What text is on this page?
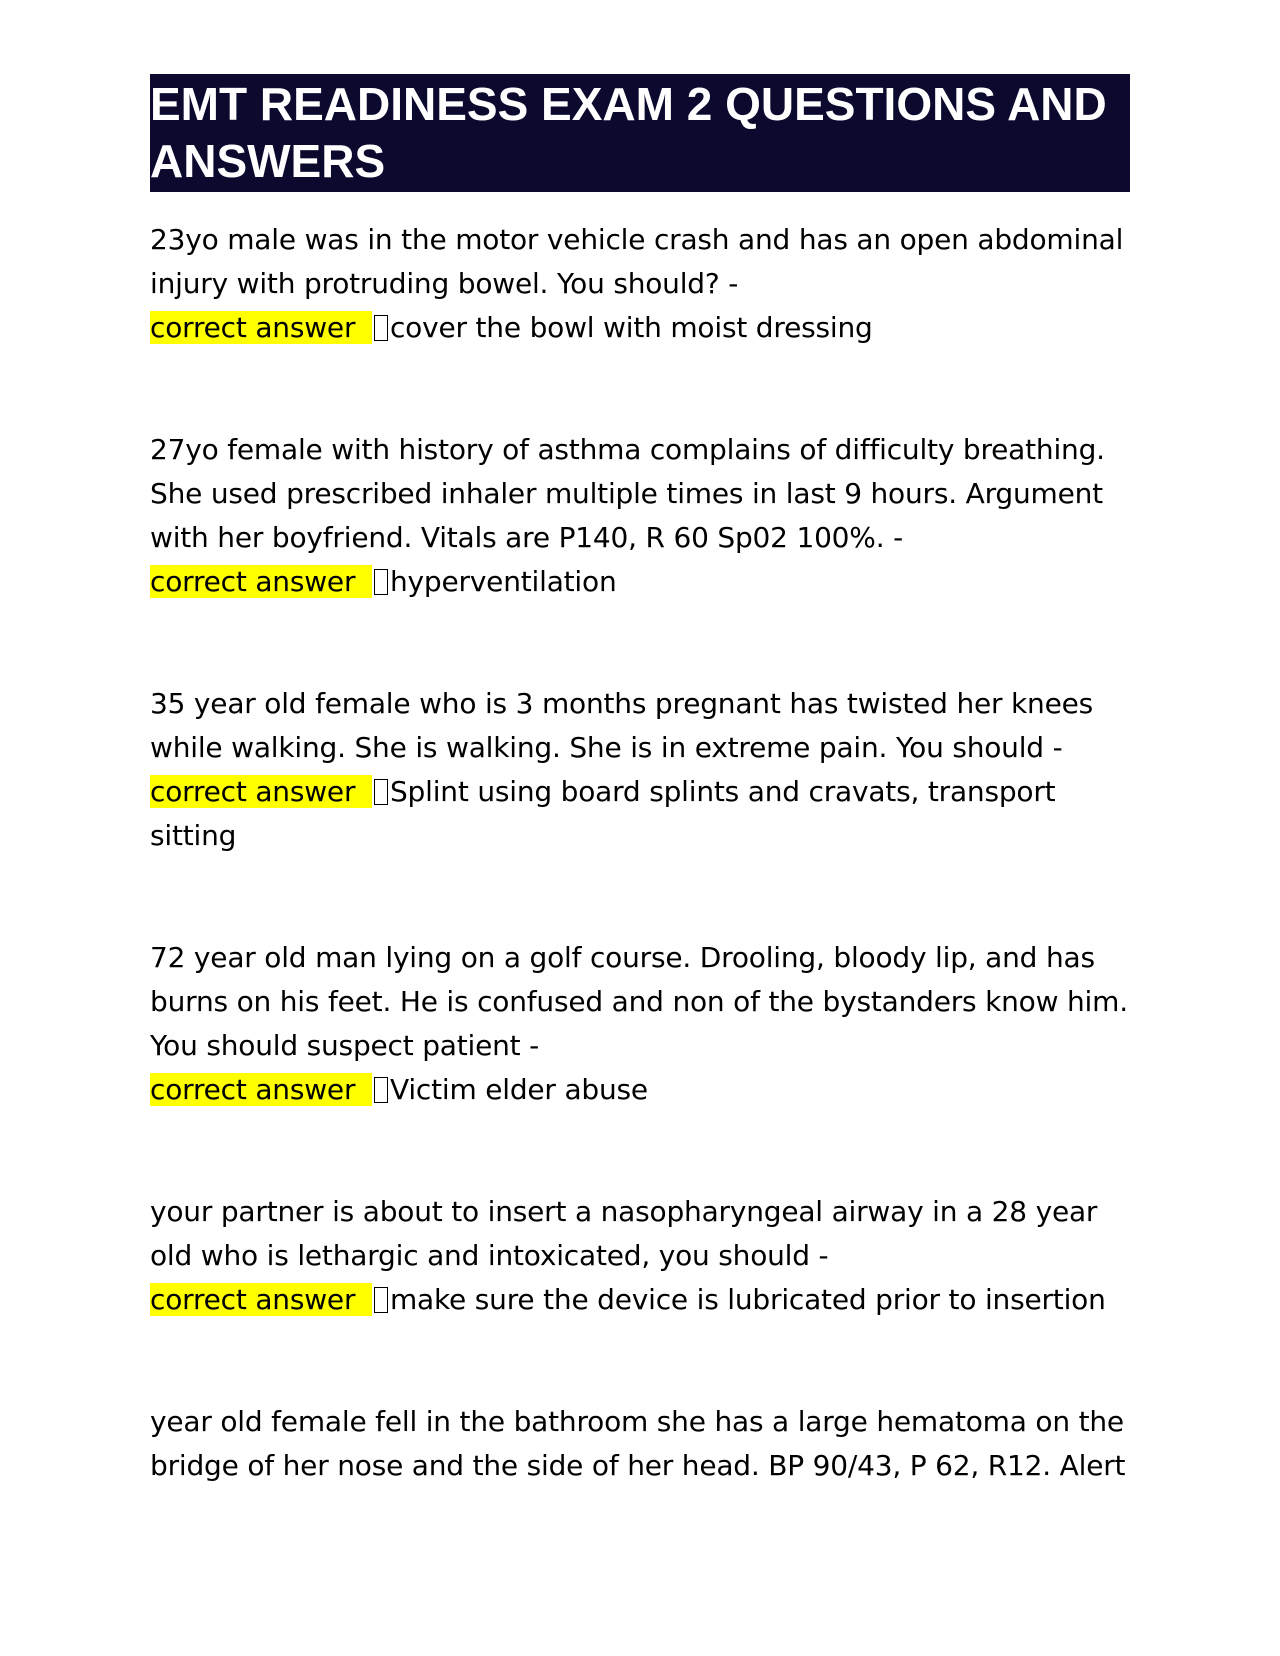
EMT READINESS EXAM 2 QUESTIONS AND ANSWERS

23yo male was in the motor vehicle crash and has an open abdominal injury with protruding bowel. You should? -

correct answer cover the bowl with moist dressing

27yo female with history of asthma complains of difficulty breathing. She used prescribed inhaler multiple times in last 9 hours. Argument with her boyfriend. Vitals are P140, R 60 Sp02 100%. -

correct answer hyperventilation

35 year old female who is 3 months pregnant has twisted her knees while walking. She is walking. She is in extreme pain. You should -

correct answer Splint using board splints and cravats, transport sitting

72 year old man lying on a golf course. Drooling, bloody lip, and has burns on his feet. He is confused and non of the bystanders know him. You should suspect patient -

correct answer Victim elder abuse

your partner is about to insert a nasopharyngeal airway in a 28 year old who is lethargic and intoxicated, you should -

correct answer make sure the device is lubricated prior to insertion

year old female fell in the bathroom she has a large hematoma on the bridge of her nose and the side of her head. BP 90/43, P 62, R12. Alert
